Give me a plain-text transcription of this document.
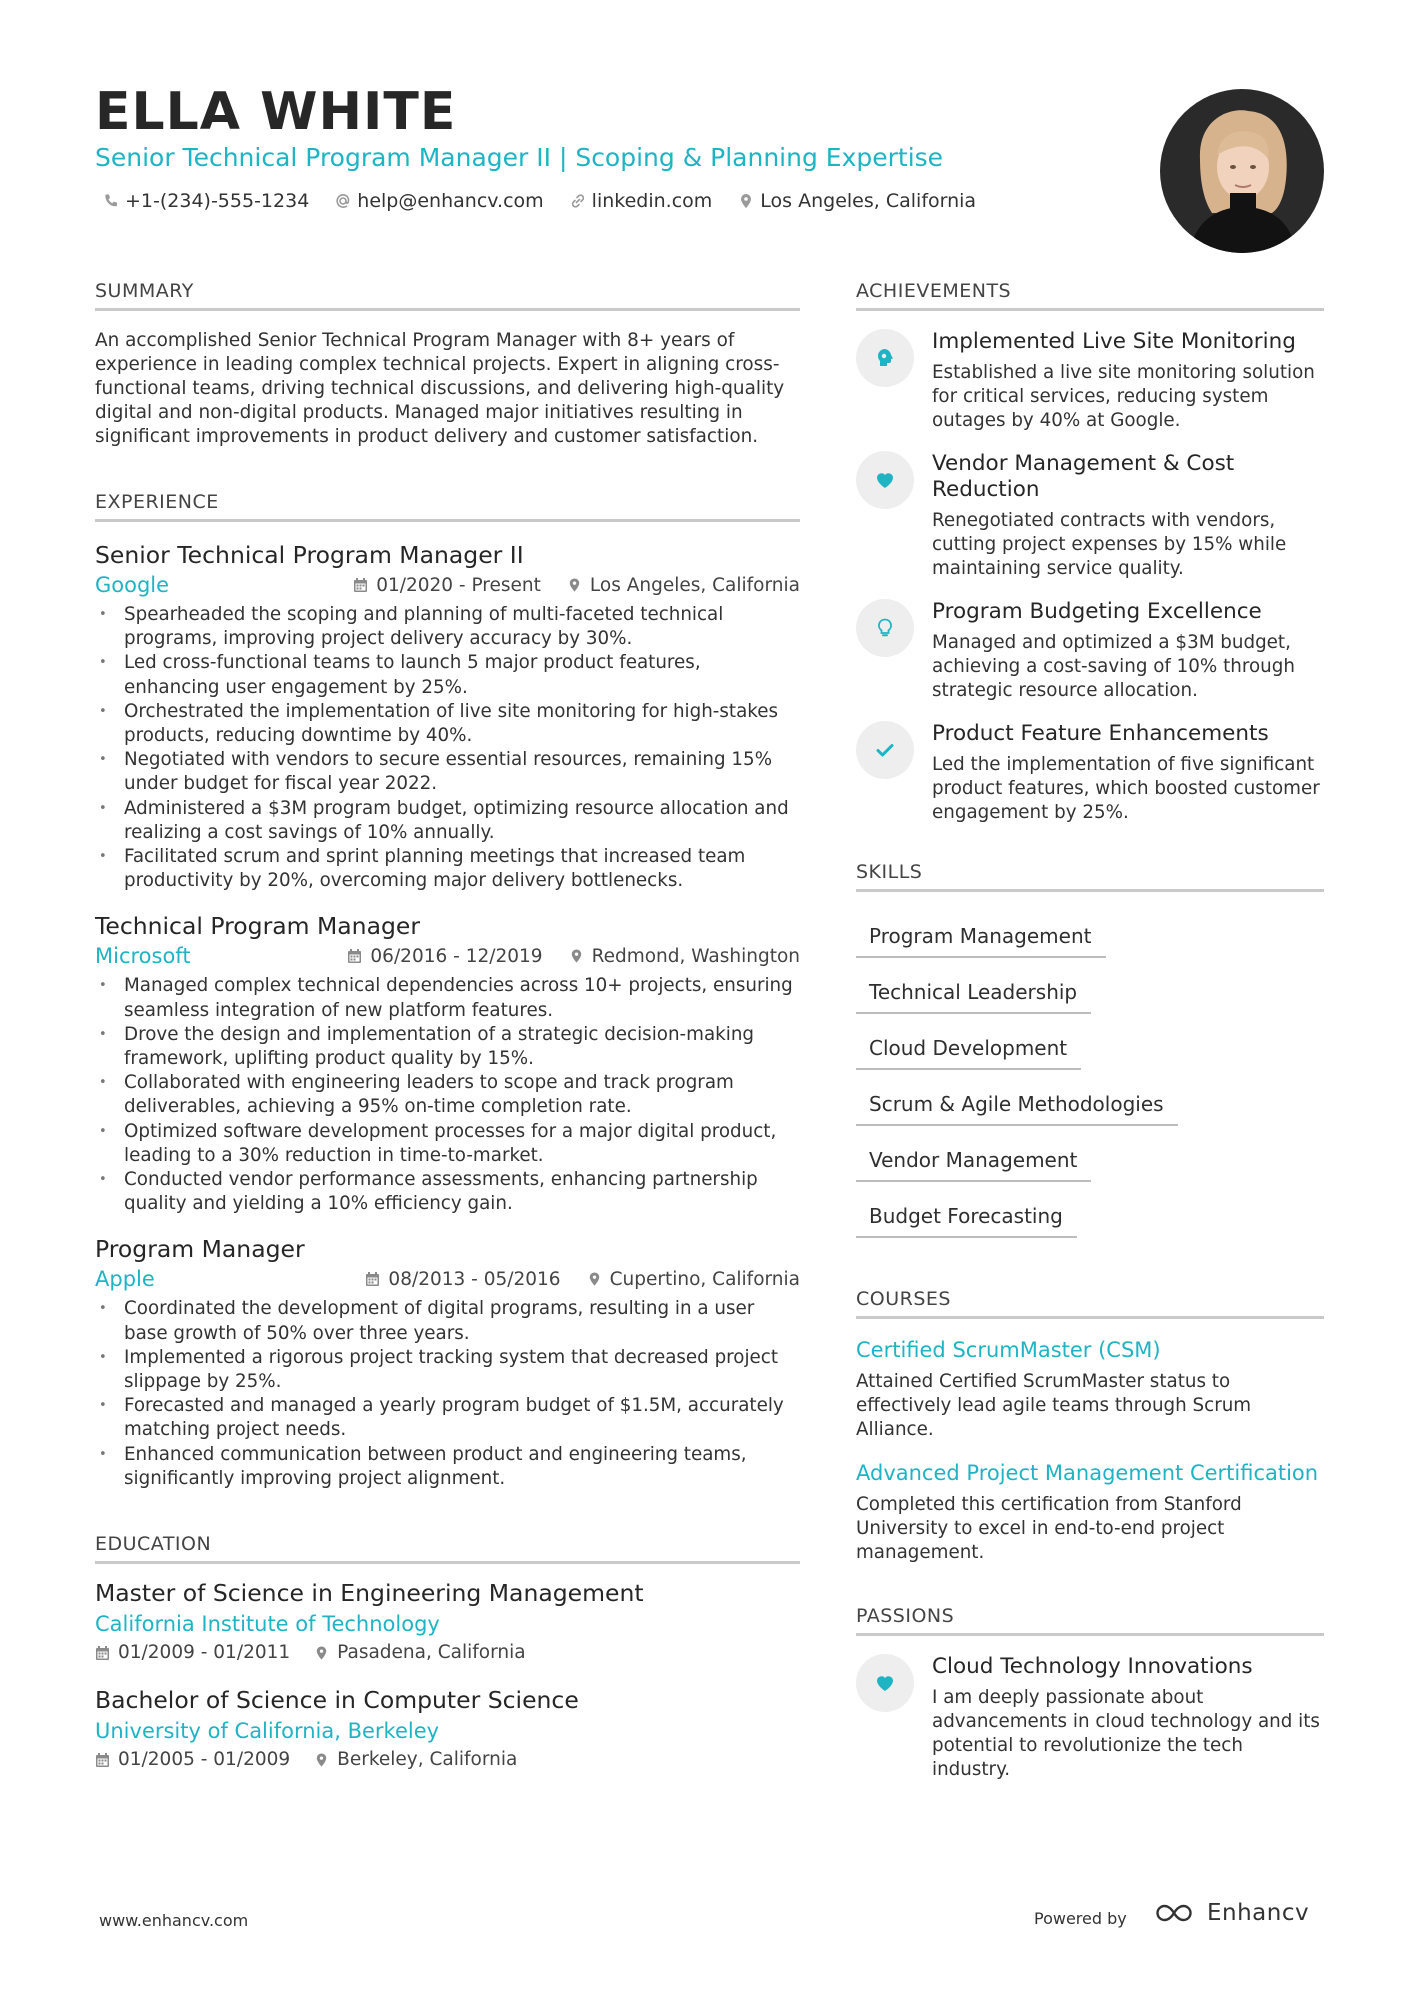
ELLA WHITE
Senior Technical Program Manager II | Scoping & Planning Expertise
+1-(234)-555-1234	help@enhancv.com	linkedin.com	Los Angeles, California
SUMMARY

An accomplished Senior Technical Program Manager with 8+ years of experience in leading complex technical projects. Expert in aligning cross-functional teams, driving technical discussions, and delivering high-quality digital and non-digital products. Managed major initiatives resulting in significant improvements in product delivery and customer satisfaction.

EXPERIENCE
Senior Technical Program Manager II
Google	01/2020 - Present	Los Angeles, California
• Spearheaded the scoping and planning of multi-faceted technical programs, improving project delivery accuracy by 30%.
• Led cross-functional teams to launch 5 major product features, enhancing user engagement by 25%.
• Orchestrated the implementation of live site monitoring for high-stakes products, reducing downtime by 40%.
• Negotiated with vendors to secure essential resources, remaining 15% under budget for fiscal year 2022.
• Administered a $3M program budget, optimizing resource allocation and realizing a cost savings of 10% annually.
• Facilitated scrum and sprint planning meetings that increased team productivity by 20%, overcoming major delivery bottlenecks.
Technical Program Manager
Microsoft	06/2016 - 12/2019	Redmond, Washington
• Managed complex technical dependencies across 10+ projects, ensuring seamless integration of new platform features.
• Drove the design and implementation of a strategic decision-making framework, uplifting product quality by 15%.
• Collaborated with engineering leaders to scope and track program deliverables, achieving a 95% on-time completion rate.
• Optimized software development processes for a major digital product, leading to a 30% reduction in time-to-market.
• Conducted vendor performance assessments, enhancing partnership quality and yielding a 10% efficiency gain.
Program Manager
Apple	08/2013 - 05/2016	Cupertino, California
• Coordinated the development of digital programs, resulting in a user base growth of 50% over three years.
• Implemented a rigorous project tracking system that decreased project slippage by 25%.
• Forecasted and managed a yearly program budget of $1.5M, accurately matching project needs.
• Enhanced communication between product and engineering teams, significantly improving project alignment.
EDUCATION
Master of Science in Engineering Management
California Institute of Technology
01/2009 - 01/2011	Pasadena, California
Bachelor of Science in Computer Science
University of California, Berkeley
01/2005 - 01/2009	Berkeley, California
ACHIEVEMENTS
Implemented Live Site Monitoring
Established a live site monitoring solution for critical services, reducing system outages by 40% at Google.
Vendor Management & Cost Reduction
Renegotiated contracts with vendors, cutting project expenses by 15% while maintaining service quality.
Program Budgeting Excellence
Managed and optimized a $3M budget, achieving a cost-saving of 10% through strategic resource allocation.
Product Feature Enhancements
Led the implementation of five significant product features, which boosted customer engagement by 25%.
SKILLS
Program Management
Technical Leadership
Cloud Development
Scrum & Agile Methodologies
Vendor Management
Budget Forecasting
COURSES
Certified ScrumMaster (CSM)
Attained Certified ScrumMaster status to effectively lead agile teams through Scrum Alliance.
Advanced Project Management Certification
Completed this certification from Stanford University to excel in end-to-end project management.
PASSIONS
Cloud Technology Innovations
I am deeply passionate about advancements in cloud technology and its potential to revolutionize the tech industry.
www.enhancv.com	Powered by	Enhancv
